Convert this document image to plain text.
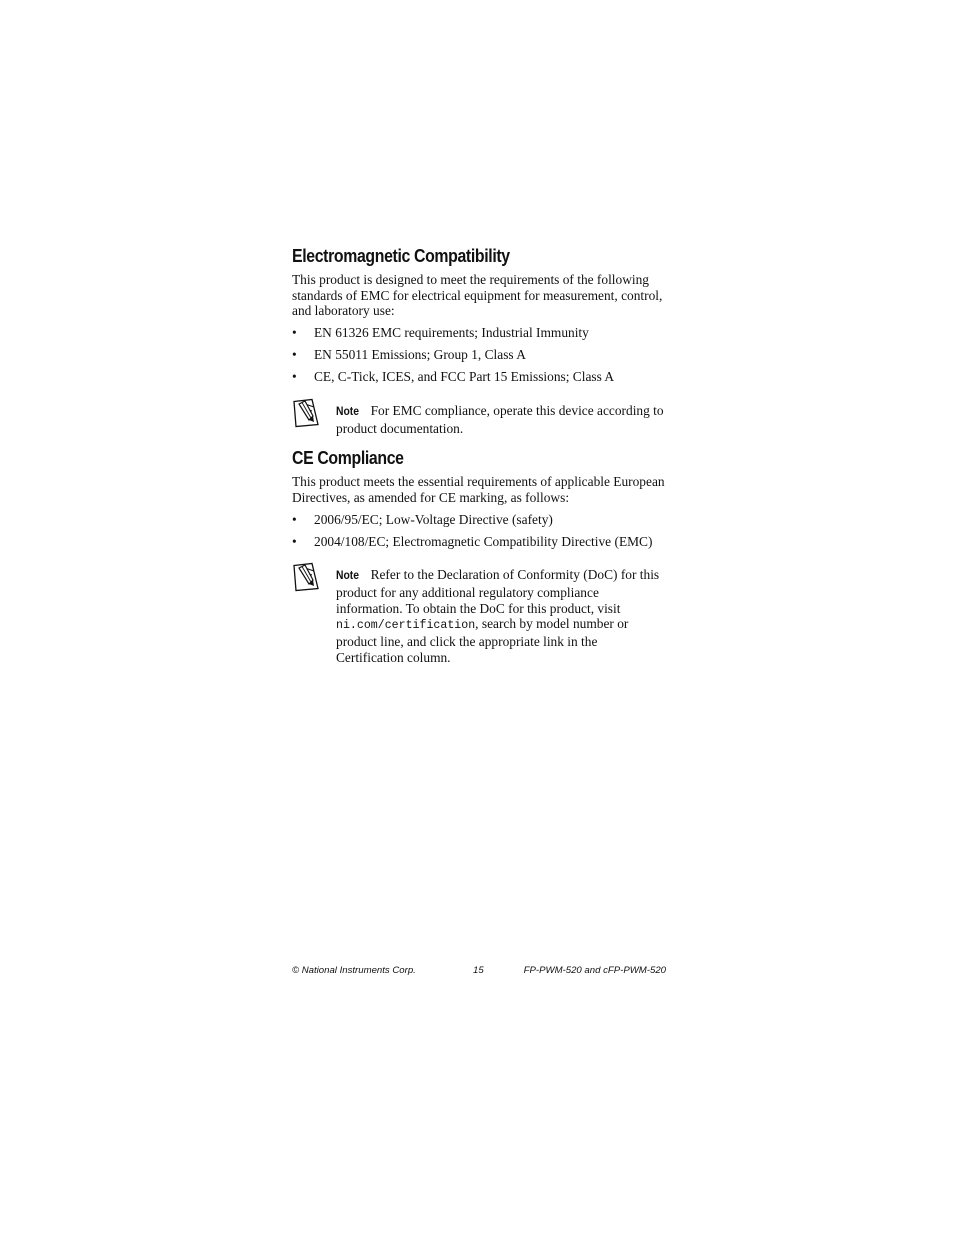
Electromagnetic Compatibility

This product is designed to meet the requirements of the following standards of EMC for electrical equipment for measurement, control, and laboratory use:

• EN 61326 EMC requirements; Industrial Immunity
• EN 55011 Emissions; Group 1, Class A
• CE, C-Tick, ICES, and FCC Part 15 Emissions; Class A
Note For EMC compliance, operate this device according to product documentation.
CE Compliance

This product meets the essential requirements of applicable European Directives, as amended for CE marking, as follows:

• 2006/95/EC; Low-Voltage Directive (safety)
• 2004/108/EC; Electromagnetic Compatibility Directive (EMC)
Note Refer to the Declaration of Conformity (DoC) for this product for any additional regulatory compliance information. To obtain the DoC for this product, visit ni.com/certification, search by model number or product line, and click the appropriate link in the Certification column.
© National Instruments Corp.	15	FP-PWM-520 and cFP-PWM-520
